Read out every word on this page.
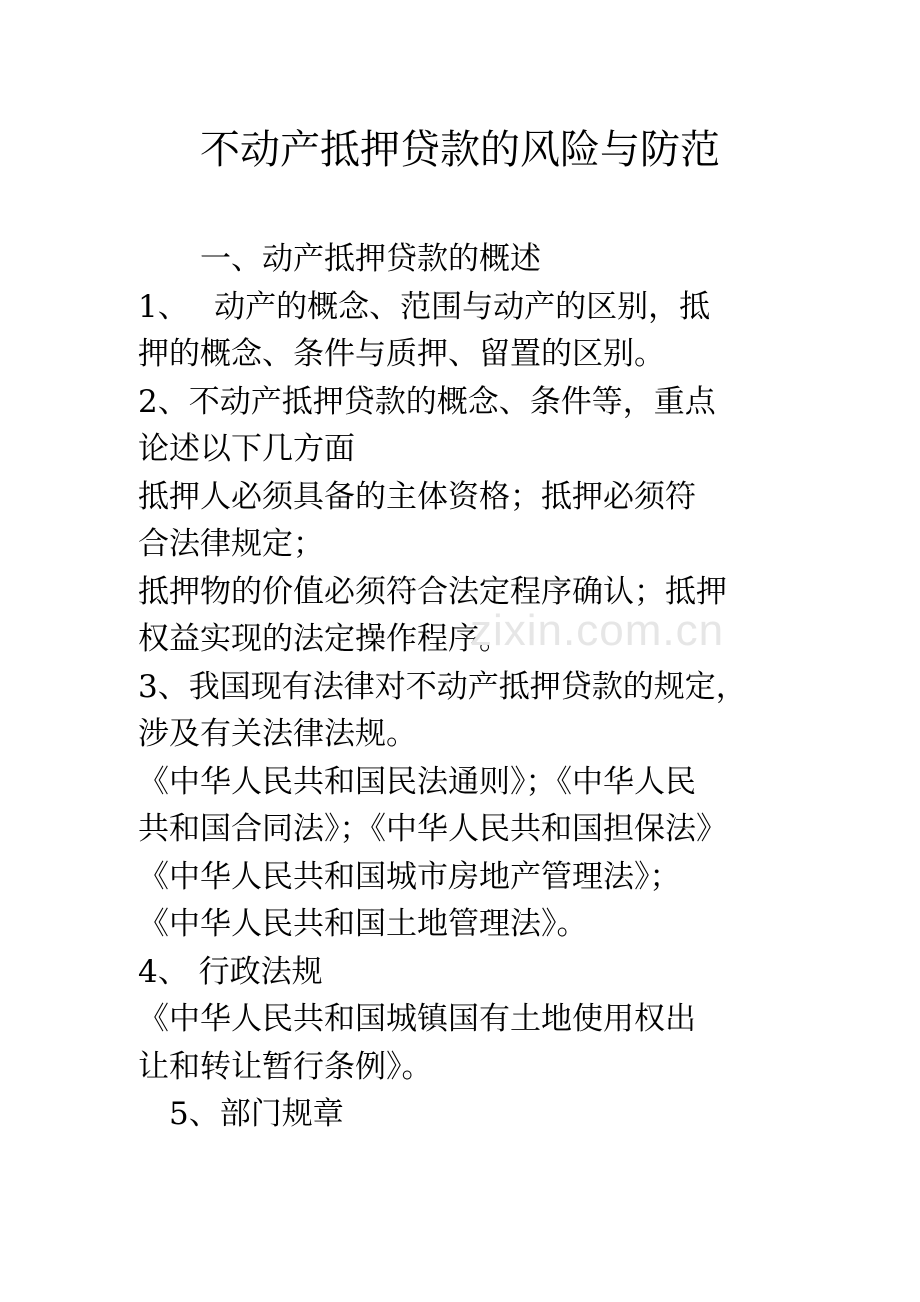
不动产抵押贷款的风险与防范
　　一、动产抵押贷款的概述
1、　 动产的概念、范围与动产的区别，抵
押的概念、条件与质押、留置的区别。
2、不动产抵押贷款的概念、条件等，重点
论述以下几方面
抵押人必须具备的主体资格；抵押必须符
合法律规定；
抵押物的价值必须符合法定程序确认；抵押
权益实现的法定操作程序。
3、我国现有法律对不动产抵押贷款的规定，
涉及有关法律法规。
《中华人民共和国民法通则》；《中华人民
共和国合同法》；《中华人民共和国担保法》
《中华人民共和国城市房地产管理法》；
《中华人民共和国土地管理法》。
4、 行政法规
《中华人民共和国城镇国有土地使用权出
让和转让暂行条例》。
　5、部门规章
zixin.com.cn
